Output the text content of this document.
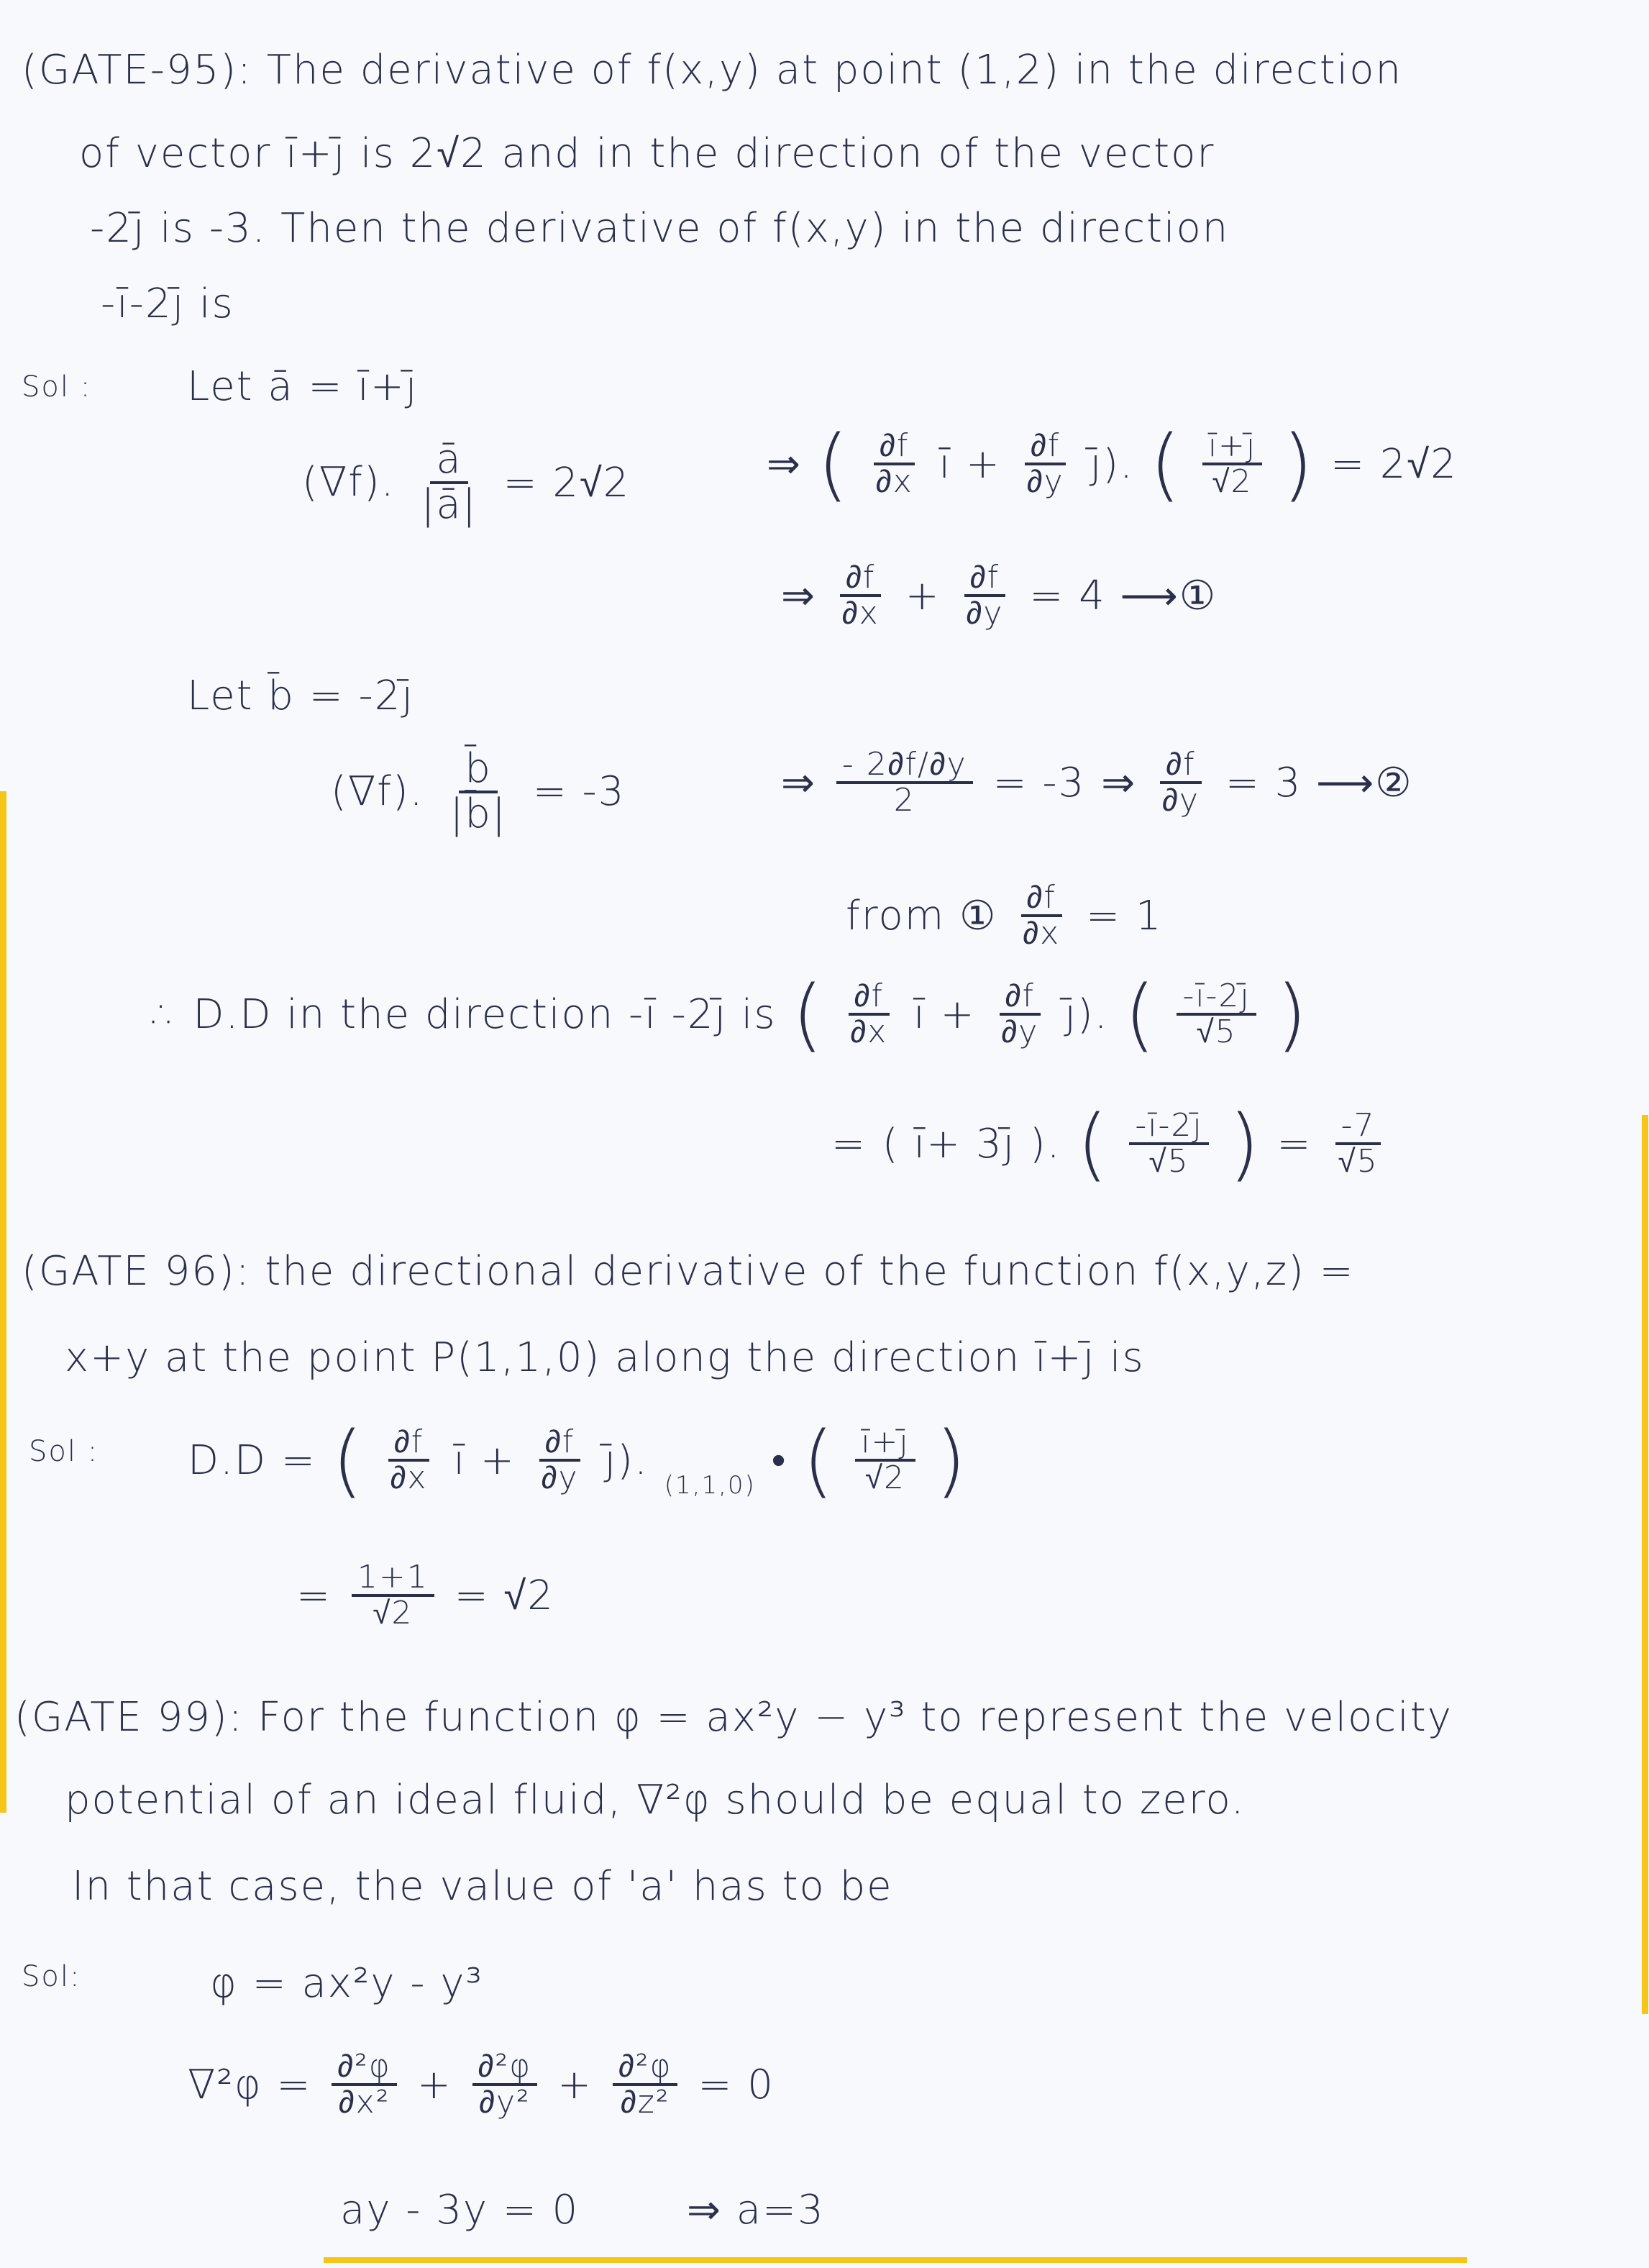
(GATE-95): The derivative of f(x,y) at point (1,2) in the direction
of vector ī+j̄ is 2√2 and in the direction of the vector
-2j̄ is -3. Then the derivative of f(x,y) in the direction
-ī-2j̄ is
Sol : Let ā = ī+j̄
(∇f). $\frac{ā}{|ā|} = 2√2$	⇒ ( $\frac{\partial f}{\partial x}$ ī + $\frac{\partial f}{\partial y}$ j̄). ( $\frac{ī+j̄}{√2}$ ) = 2√2
⇒ $\frac{\partial f}{\partial x} + \frac{\partial f}{\partial y} = 4$ ⟶①
Let b̄ = -2j̄
(∇f). $\frac{b̄}{|b̄|} = -3$	⇒ $\frac{- 2\partial f/\partial y}{2} = -3$ ⇒ $\frac{\partial f}{\partial y} = 3$ ⟶②
from ① $\frac{\partial f}{\partial x} = 1$
∴ D.D in the direction -ī -2j̄ is ( $\frac{\partial f}{\partial x}$ ī + $\frac{\partial f}{\partial y}$ j̄). ( $\frac{-ī-2j̄}{√5}$ )
= ( ī+ 3j̄ ). ( $\frac{-ī-2j̄}{√5}$ ) = $\frac{-7}{√5}$
(GATE 96): the directional derivative of the function f(x,y,z) =
x+y at the point P(1,1,0) along the direction ī+j̄ is
Sol : D.D = ( $\frac{\partial f}{\partial x}$ ī + $\frac{\partial f}{\partial y}$ j̄).
(1,1,0)
• ( $\frac{ī+j̄}{√2}$ )
= $\frac{1+1}{√2} = √2$
(GATE 99): For the function φ = ax²y − y³ to represent the velocity
potential of an ideal fluid, ∇²φ should be equal to zero.
In that case, the value of 'a' has to be
Sol:	φ = ax²y - y³
$\nabla^2\varphi = \frac{\text{∂²φ}}{\text{∂x²}} + \frac{\text{∂²φ}}{\text{∂y²}} + \frac{\text{∂²φ}}{\text{∂z²}} = 0$
ay - 3y = 0	⇒ a=3
